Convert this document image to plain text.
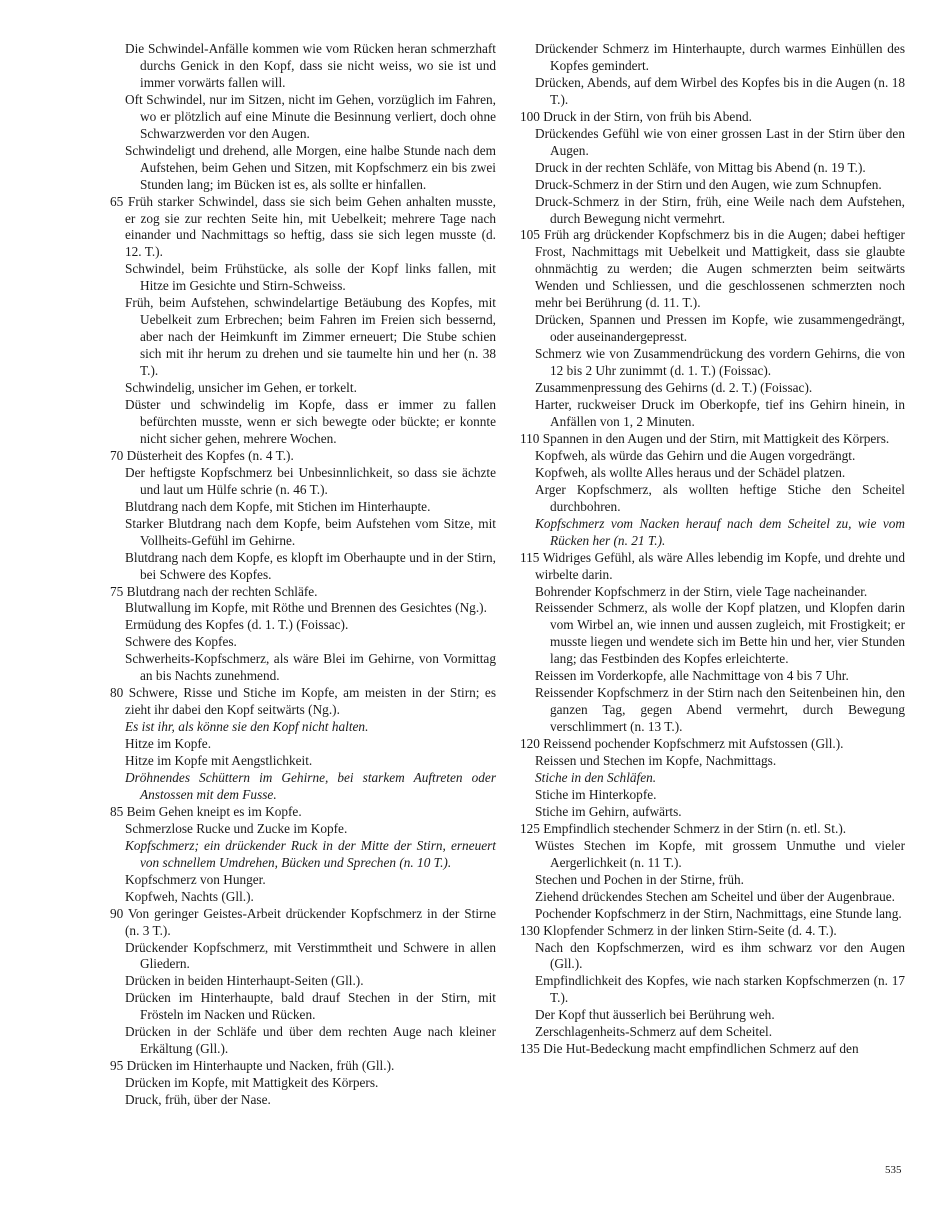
Die Schwindel-Anfälle kommen wie vom Rücken heran schmerzhaft durchs Genick in den Kopf, dass sie nicht weiss, wo sie ist und immer vorwärts fallen will.

Oft Schwindel, nur im Sitzen, nicht im Gehen, vorzüglich im Fahren, wo er plötzlich auf eine Minute die Besinnung verliert, doch ohne Schwarzwerden vor den Augen.

Schwindeligt und drehend, alle Morgen, eine halbe Stunde nach dem Aufstehen, beim Gehen und Sitzen, mit Kopfschmerz ein bis zwei Stunden lang; im Bücken ist es, als sollte er hinfallen.

65 Früh starker Schwindel, dass sie sich beim Gehen anhalten musste, er zog sie zur rechten Seite hin, mit Uebelkeit; mehrere Tage nach einander und Nachmittags so heftig, dass sie sich legen musste (d. 12. T.).

Schwindel, beim Frühstücke, als solle der Kopf links fallen, mit Hitze im Gesichte und Stirn-Schweiss.

Früh, beim Aufstehen, schwindelartige Betäubung des Kopfes, mit Uebelkeit zum Erbrechen; beim Fahren im Freien sich bessernd, aber nach der Heimkunft im Zimmer erneuert; Die Stube schien sich mit ihr herum zu drehen und sie taumelte hin und her (n. 38 T.).

Schwindelig, unsicher im Gehen, er torkelt.

Düster und schwindelig im Kopfe, dass er immer zu fallen befürchten musste, wenn er sich bewegte oder bückte; er konnte nicht sicher gehen, mehrere Wochen.

70 Düsterheit des Kopfes (n. 4 T.).

Der heftigste Kopfschmerz bei Unbesinnlichkeit, so dass sie ächzte und laut um Hülfe schrie (n. 46 T.).

Blutdrang nach dem Kopfe, mit Stichen im Hinterhaupte.

Starker Blutdrang nach dem Kopfe, beim Aufstehen vom Sitze, mit Vollheits-Gefühl im Gehirne.

Blutdrang nach dem Kopfe, es klopft im Oberhaupte und in der Stirn, bei Schwere des Kopfes.

75 Blutdrang nach der rechten Schläfe.

Blutwallung im Kopfe, mit Röthe und Brennen des Gesichtes (Ng.).

Ermüdung des Kopfes (d. 1. T.) (Foissac).

Schwere des Kopfes.

Schwerheits-Kopfschmerz, als wäre Blei im Gehirne, von Vormittag an bis Nachts zunehmend.

80 Schwere, Risse und Stiche im Kopfe, am meisten in der Stirn; es zieht ihr dabei den Kopf seitwärts (Ng.).

Es ist ihr, als könne sie den Kopf nicht halten.

Hitze im Kopfe.

Hitze im Kopfe mit Aengstlichkeit.

Dröhnendes Schüttern im Gehirne, bei starkem Auftreten oder Anstossen mit dem Fusse.

85 Beim Gehen kneipt es im Kopfe.

Schmerzlose Rucke und Zucke im Kopfe.

Kopfschmerz; ein drückender Ruck in der Mitte der Stirn, erneuert von schnellem Umdrehen, Bücken und Sprechen (n. 10 T.).

Kopfschmerz von Hunger.

Kopfweh, Nachts (Gll.).

90 Von geringer Geistes-Arbeit drückender Kopfschmerz in der Stirne (n. 3 T.).

Drückender Kopfschmerz, mit Verstimmtheit und Schwere in allen Gliedern.

Drücken in beiden Hinterhaupt-Seiten (Gll.).

Drücken im Hinterhaupte, bald drauf Stechen in der Stirn, mit Frösteln im Nacken und Rücken.

Drücken in der Schläfe und über dem rechten Auge nach kleiner Erkältung (Gll.).

95 Drücken im Hinterhaupte und Nacken, früh (Gll.).

Drücken im Kopfe, mit Mattigkeit des Körpers.

Druck, früh, über der Nase.

Drückender Schmerz im Hinterhaupte, durch warmes Einhüllen des Kopfes gemindert.

Drücken, Abends, auf dem Wirbel des Kopfes bis in die Augen (n. 18 T.).

100 Druck in der Stirn, von früh bis Abend.

Drückendes Gefühl wie von einer grossen Last in der Stirn über den Augen.

Druck in der rechten Schläfe, von Mittag bis Abend (n. 19 T.).

Druck-Schmerz in der Stirn und den Augen, wie zum Schnupfen.

Druck-Schmerz in der Stirn, früh, eine Weile nach dem Aufstehen, durch Bewegung nicht vermehrt.

105 Früh arg drückender Kopfschmerz bis in die Augen; dabei heftiger Frost, Nachmittags mit Uebelkeit und Mattigkeit, dass sie glaubte ohnmächtig zu werden; die Augen schmerzten beim seitwärts Wenden und Schliessen, und die geschlossenen schmerzten noch mehr bei Berührung (d. 11. T.).

Drücken, Spannen und Pressen im Kopfe, wie zusammengedrängt, oder auseinandergepresst.

Schmerz wie von Zusammendrückung des vordern Gehirns, die von 12 bis 2 Uhr zunimmt (d. 1. T.) (Foissac).

Zusammenpressung des Gehirns (d. 2. T.) (Foissac).

Harter, ruckweiser Druck im Oberkopfe, tief ins Gehirn hinein, in Anfällen von 1, 2 Minuten.

110 Spannen in den Augen und der Stirn, mit Mattigkeit des Körpers.

Kopfweh, als würde das Gehirn und die Augen vorgedrängt.

Kopfweh, als wollte Alles heraus und der Schädel platzen.

Arger Kopfschmerz, als wollten heftige Stiche den Scheitel durchbohren.

Kopfschmerz vom Nacken herauf nach dem Scheitel zu, wie vom Rücken her (n. 21 T.).

115 Widriges Gefühl, als wäre Alles lebendig im Kopfe, und drehte und wirbelte darin.

Bohrender Kopfschmerz in der Stirn, viele Tage nacheinander.

Reissender Schmerz, als wolle der Kopf platzen, und Klopfen darin vom Wirbel an, wie innen und aussen zugleich, mit Frostigkeit; er musste liegen und wendete sich im Bette hin und her, vier Stunden lang; das Festbinden des Kopfes erleichterte.

Reissen im Vorderkopfe, alle Nachmittage von 4 bis 7 Uhr.

Reissender Kopfschmerz in der Stirn nach den Seitenbeinen hin, den ganzen Tag, gegen Abend vermehrt, durch Bewegung verschlimmert (n. 13 T.).

120 Reissend pochender Kopfschmerz mit Aufstossen (Gll.).

Reissen und Stechen im Kopfe, Nachmittags.

Stiche in den Schläfen.

Stiche im Hinterkopfe.

Stiche im Gehirn, aufwärts.

125 Empfindlich stechender Schmerz in der Stirn (n. etl. St.).

Wüstes Stechen im Kopfe, mit grossem Unmuthe und vieler Aergerlichkeit (n. 11 T.).

Stechen und Pochen in der Stirne, früh.

Ziehend drückendes Stechen am Scheitel und über der Augenbraue.

Pochender Kopfschmerz in der Stirn, Nachmittags, eine Stunde lang.

130 Klopfender Schmerz in der linken Stirn-Seite (d. 4. T.).

Nach den Kopfschmerzen, wird es ihm schwarz vor den Augen (Gll.).

Empfindlichkeit des Kopfes, wie nach starken Kopfschmerzen (n. 17 T.).

Der Kopf thut äusserlich bei Berührung weh.

Zerschlagenheits-Schmerz auf dem Scheitel.

135 Die Hut-Bedeckung macht empfindlichen Schmerz auf den

535
